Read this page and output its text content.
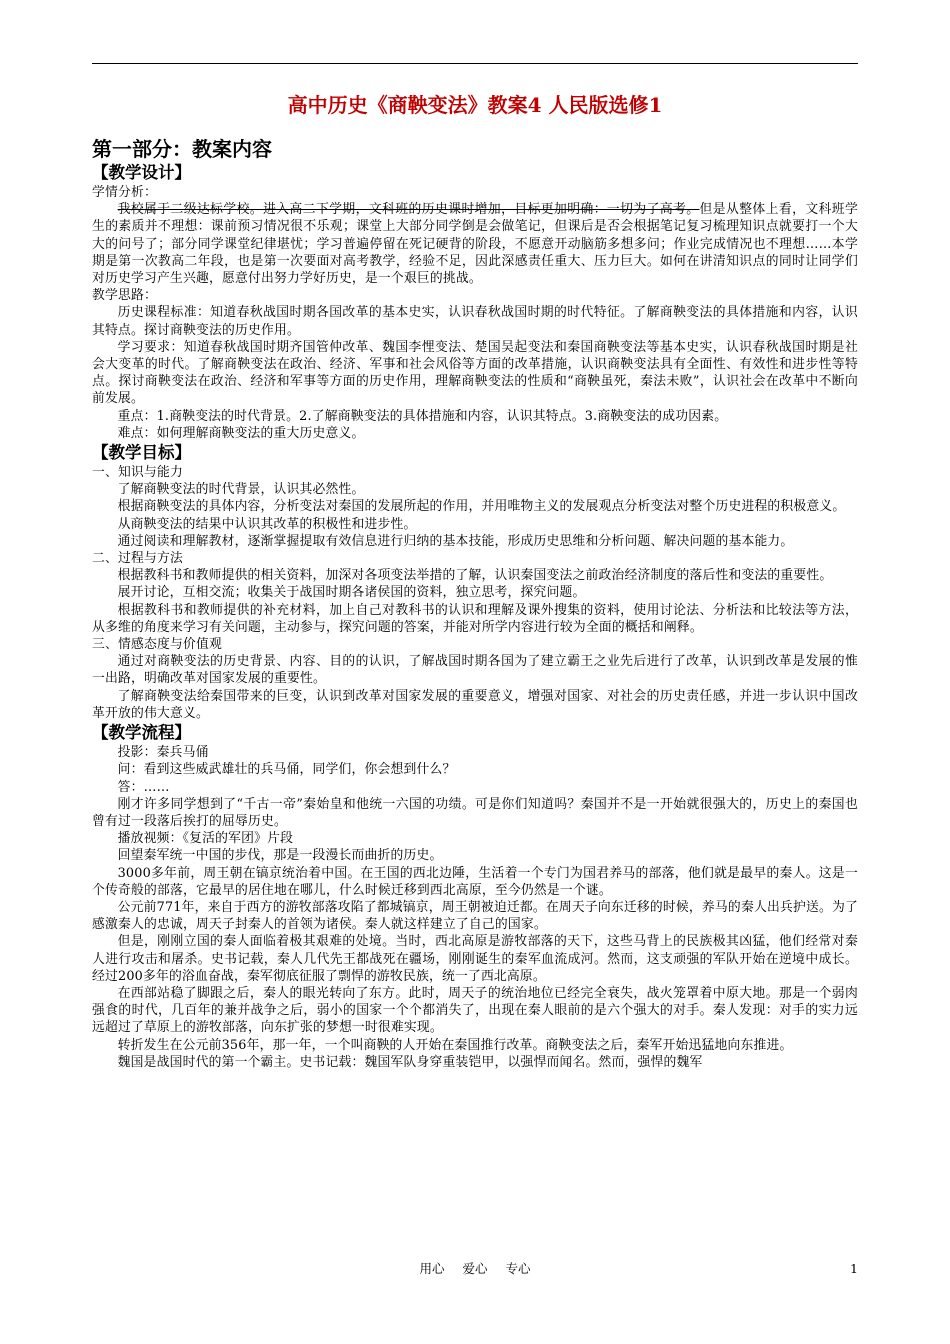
高中历史《商鞅变法》教案4 人民版选修1

第一部分：教案内容

【教学设计】

学情分析：

我校属于二级达标学校。进入高二下学期，文科班的历史课时增加，目标更加明确：一切为了高考。但是从整体上看，文科班学生的素质并不理想：课前预习情况很不乐观；课堂上大部分同学倒是会做笔记，但课后是否会根据笔记复习梳理知识点就要打一个大大的问号了；部分同学课堂纪律堪忧；学习普遍停留在死记硬背的阶段，不愿意开动脑筋多想多问；作业完成情况也不理想……本学期是第一次教高二年段，也是第一次要面对高考教学，经验不足，因此深感责任重大、压力巨大。如何在讲清知识点的同时让同学们对历史学习产生兴趣，愿意付出努力学好历史，是一个艰巨的挑战。

教学思路：

历史课程标准：知道春秋战国时期各国改革的基本史实，认识春秋战国时期的时代特征。了解商鞅变法的具体措施和内容，认识其特点。探讨商鞅变法的历史作用。

学习要求：知道春秋战国时期齐国管仲改革、魏国李悝变法、楚国吴起变法和秦国商鞅变法等基本史实，认识春秋战国时期是社会大变革的时代。了解商鞅变法在政治、经济、军事和社会风俗等方面的改革措施，认识商鞅变法具有全面性、有效性和进步性等特点。探讨商鞅变法在政治、经济和军事等方面的历史作用，理解商鞅变法的性质和“商鞅虽死，秦法未败”，认识社会在改革中不断向前发展。

重点：1.商鞅变法的时代背景。2.了解商鞅变法的具体措施和内容，认识其特点。3.商鞅变法的成功因素。

难点：如何理解商鞅变法的重大历史意义。

【教学目标】

一、知识与能力

了解商鞅变法的时代背景，认识其必然性。

根据商鞅变法的具体内容，分析变法对秦国的发展所起的作用，并用唯物主义的发展观点分析变法对整个历史进程的积极意义。

从商鞅变法的结果中认识其改革的积极性和进步性。

通过阅读和理解教材，逐渐掌握提取有效信息进行归纳的基本技能，形成历史思维和分析问题、解决问题的基本能力。

二、过程与方法

根据教科书和教师提供的相关资料，加深对各项变法举措的了解，认识秦国变法之前政治经济制度的落后性和变法的重要性。

展开讨论，互相交流；收集关于战国时期各诸侯国的资料，独立思考，探究问题。

根据教科书和教师提供的补充材料，加上自己对教科书的认识和理解及课外搜集的资料，使用讨论法、分析法和比较法等方法，从多维的角度来学习有关问题，主动参与，探究问题的答案，并能对所学内容进行较为全面的概括和阐释。

三、情感态度与价值观

通过对商鞅变法的历史背景、内容、目的的认识，了解战国时期各国为了建立霸王之业先后进行了改革，认识到改革是发展的惟一出路，明确改革对国家发展的重要性。

了解商鞅变法给秦国带来的巨变，认识到改革对国家发展的重要意义，增强对国家、对社会的历史责任感，并进一步认识中国改革开放的伟大意义。

【教学流程】

投影：秦兵马俑

问：看到这些威武雄壮的兵马俑，同学们，你会想到什么？

答：……

刚才许多同学想到了“千古一帝”秦始皇和他统一六国的功绩。可是你们知道吗？秦国并不是一开始就很强大的，历史上的秦国也曾有过一段落后挨打的屈辱历史。

播放视频：《复活的军团》片段

回望秦军统一中国的步伐，那是一段漫长而曲折的历史。

3000多年前，周王朝在镐京统治着中国。在王国的西北边陲，生活着一个专门为国君养马的部落，他们就是最早的秦人。这是一个传奇般的部落，它最早的居住地在哪儿，什么时候迁移到西北高原，至今仍然是一个谜。

公元前771年，来自于西方的游牧部落攻陷了都城镐京，周王朝被迫迁都。在周天子向东迁移的时候，养马的秦人出兵护送。为了感激秦人的忠诚，周天子封秦人的首领为诸侯。秦人就这样建立了自己的国家。

但是，刚刚立国的秦人面临着极其艰难的处境。当时，西北高原是游牧部落的天下，这些马背上的民族极其凶猛，他们经常对秦人进行攻击和屠杀。史书记载，秦人几代先王都战死在疆场，刚刚诞生的秦军血流成河。然而，这支顽强的军队开始在逆境中成长。经过200多年的浴血奋战，秦军彻底征服了剽悍的游牧民族，统一了西北高原。

在西部站稳了脚跟之后，秦人的眼光转向了东方。此时，周天子的统治地位已经完全衰失，战火笼罩着中原大地。那是一个弱肉强食的时代，几百年的兼并战争之后，弱小的国家一个个都消失了，出现在秦人眼前的是六个强大的对手。秦人发现：对手的实力远远超过了草原上的游牧部落，向东扩张的梦想一时很难实现。

转折发生在公元前356年，那一年，一个叫商鞅的人开始在秦国推行改革。商鞅变法之后，秦军开始迅猛地向东推进。

魏国是战国时代的第一个霸主。史书记载：魏国军队身穿重装铠甲，以强悍而闻名。然而，强悍的魏军

用心 爱心 专心	1
